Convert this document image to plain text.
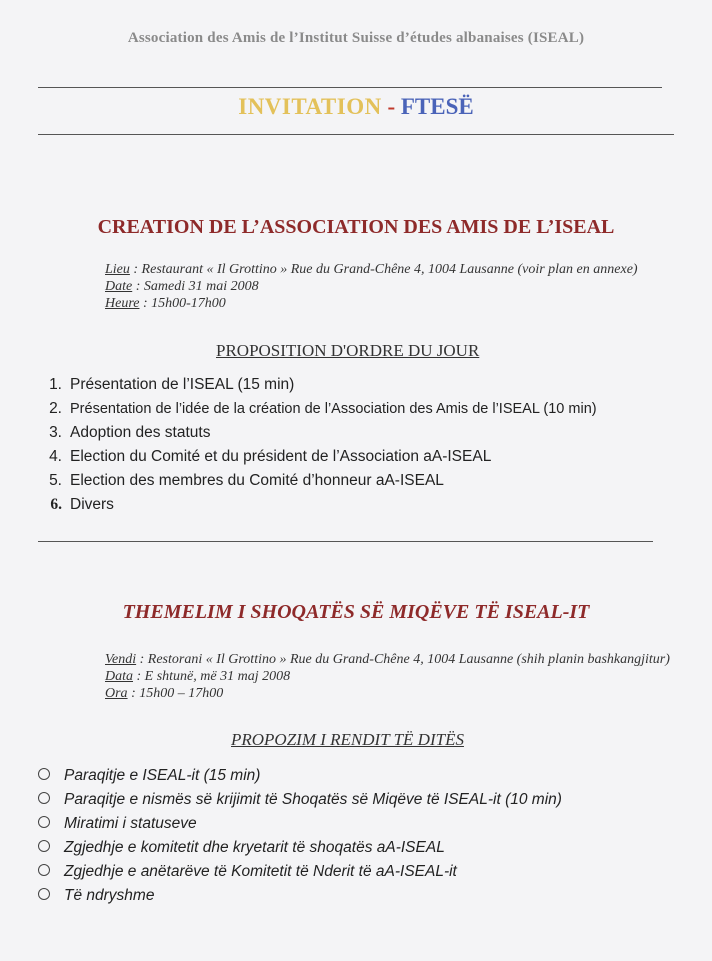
Association des Amis de l’Institut Suisse d’études albanaises (ISEAL)
INVITATION - FTESË
CREATION DE L’ASSOCIATION DES AMIS DE L’ISEAL
Lieu : Restaurant « Il Grottino » Rue du Grand-Chêne 4, 1004 Lausanne (voir plan en annexe)
Date : Samedi 31 mai 2008
Heure : 15h00-17h00
PROPOSITION D'ORDRE DU JOUR
1. Présentation de l’ISEAL (15 min)
2. Présentation de l’idée de la création de l’Association des Amis de l’ISEAL (10 min)
3. Adoption des statuts
4. Election du Comité et du président de l’Association aA-ISEAL
5. Election des membres du Comité d’honneur aA-ISEAL
6. Divers
THEMELIM I SHOQATËS SË MIQËVE TË ISEAL-IT
Vendi : Restorani « Il Grottino » Rue du Grand-Chêne 4, 1004 Lausanne (shih planin bashkangjitur)
Data : E shtunë, më 31 maj 2008
Ora : 15h00 – 17h00
PROPOZIM I RENDIT TË DITËS
Paraqitje e ISEAL-it (15 min)
Paraqitje e nismës së krijimit të Shoqatës së Miqëve të ISEAL-it (10 min)
Miratimi i statuseve
Zgjedhje e komitetit dhe kryetarit të shoqatës aA-ISEAL
Zgjedhje e anëtarëve të Komitetit të Nderit të aA-ISEAL-it
Të ndryshme
